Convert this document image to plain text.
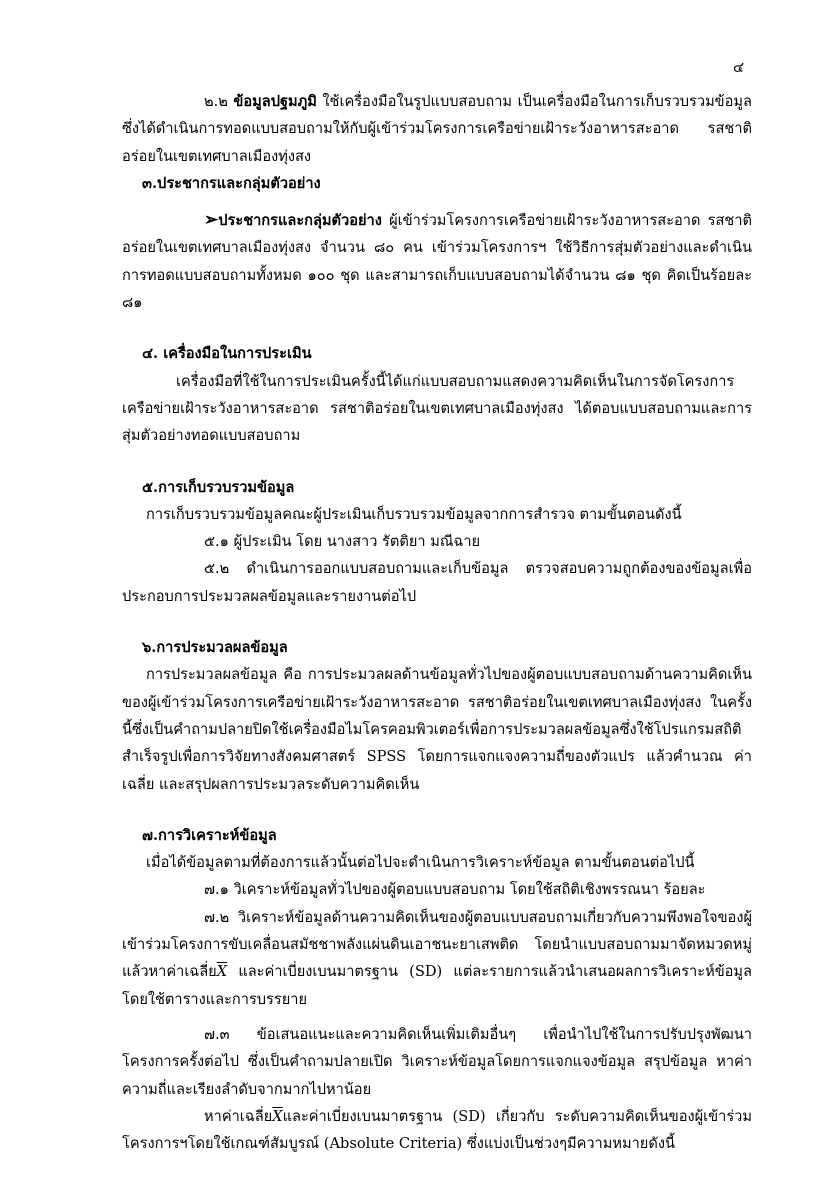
๔

๒.๒ ข้อมูลปฐมภูมิ ใช้เครื่องมือในรูปแบบสอบถาม เป็นเครื่องมือในการเก็บรวบรวมข้อมูลซึ่งได้ดำเนินการทอดแบบสอบถามให้กับผู้เข้าร่วมโครงการเครือข่ายเฝ้าระวังอาหารสะอาด รสชาติอร่อยในเขตเทศบาลเมืองทุ่งสง

๓.ประชากรและกลุ่มตัวอย่าง

➢ประชากรและกลุ่มตัวอย่าง ผู้เข้าร่วมโครงการเครือข่ายเฝ้าระวังอาหารสะอาด รสชาติอร่อยในเขตเทศบาลเมืองทุ่งสง จำนวน ๘๐ คน เข้าร่วมโครงการฯ ใช้วิธีการสุ่มตัวอย่างและดำเนินการทอดแบบสอบถามทั้งหมด ๑๐๐ ชุด และสามารถเก็บแบบสอบถามได้จำนวน ๘๑ ชุด คิดเป็นร้อยละ ๘๑

๔. เครื่องมือในการประเมิน

เครื่องมือที่ใช้ในการประเมินครั้งนี้ได้แก่แบบสอบถามแสดงความคิดเห็นในการจัดโครงการเครือข่ายเฝ้าระวังอาหารสะอาด รสชาติอร่อยในเขตเทศบาลเมืองทุ่งสง ได้ตอบแบบสอบถามและการสุ่มตัวอย่างทอดแบบสอบถาม

๕.การเก็บรวบรวมข้อมูล

การเก็บรวบรวมข้อมูลคณะผู้ประเมินเก็บรวบรวมข้อมูลจากการสำรวจ ตามขั้นตอนดังนี้

๕.๑ ผู้ประเมิน โดย นางสาว รัตติยา มณีฉาย

๕.๒ ดำเนินการออกแบบสอบถามและเก็บข้อมูล ตรวจสอบความถูกต้องของข้อมูลเพื่อประกอบการประมวลผลข้อมูลและรายงานต่อไป

๖.การประมวลผลข้อมูล

การประมวลผลข้อมูล คือ การประมวลผลด้านข้อมูลทั่วไปของผู้ตอบแบบสอบถามด้านความคิดเห็นของผู้เข้าร่วมโครงการเครือข่ายเฝ้าระวังอาหารสะอาด รสชาติอร่อยในเขตเทศบาลเมืองทุ่งสง ในครั้งนี้ซึ่งเป็นคำถามปลายปิดใช้เครื่องมือไมโครคอมพิวเตอร์เพื่อการประมวลผลข้อมูลซึ่งใช้โปรแกรมสถิติสำเร็จรูปเพื่อการวิจัยทางสังคมศาสตร์ SPSS โดยการแจกแจงความถี่ของตัวแปร แล้วคำนวณ ค่าเฉลี่ย และสรุปผลการประมวลระดับความคิดเห็น

๗.การวิเคราะห์ข้อมูล

เมื่อได้ข้อมูลตามที่ต้องการแล้วนั้นต่อไปจะดำเนินการวิเคราะห์ข้อมูล ตามขั้นตอนต่อไปนี้

๗.๑ วิเคราะห์ข้อมูลทั่วไปของผู้ตอบแบบสอบถาม โดยใช้สถิติเชิงพรรณนา ร้อยละ

๗.๒ วิเคราะห์ข้อมูลด้านความคิดเห็นของผู้ตอบแบบสอบถามเกี่ยวกับความพึงพอใจของผู้เข้าร่วมโครงการขับเคลื่อนสมัชชาพลังแผ่นดินเอาชนะยาเสพติด โดยนำแบบสอบถามมาจัดหมวดหมู่แล้วหาค่าเฉลี่ย$\overline{X}$ และค่าเบี่ยงเบนมาตรฐาน (SD) แต่ละรายการแล้วนำเสนอผลการวิเคราะห์ข้อมูลโดยใช้ตารางและการบรรยาย

๗.๓ ข้อเสนอแนะและความคิดเห็นเพิ่มเติมอื่นๆ เพื่อนำไปใช้ในการปรับปรุงพัฒนาโครงการครั้งต่อไป ซึ่งเป็นคำถามปลายเปิด วิเคราะห์ข้อมูลโดยการแจกแจงข้อมูล สรุปข้อมูล หาค่าความถี่และเรียงลำดับจากมากไปหาน้อย

หาค่าเฉลี่ย$\overline{X}$และค่าเบี่ยงเบนมาตรฐาน (SD) เกี่ยวกับ ระดับความคิดเห็นของผู้เข้าร่วมโครงการฯโดยใช้เกณฑ์สัมบูรณ์ (Absolute Criteria) ซึ่งแบ่งเป็นช่วงๆมีความหมายดังนี้
